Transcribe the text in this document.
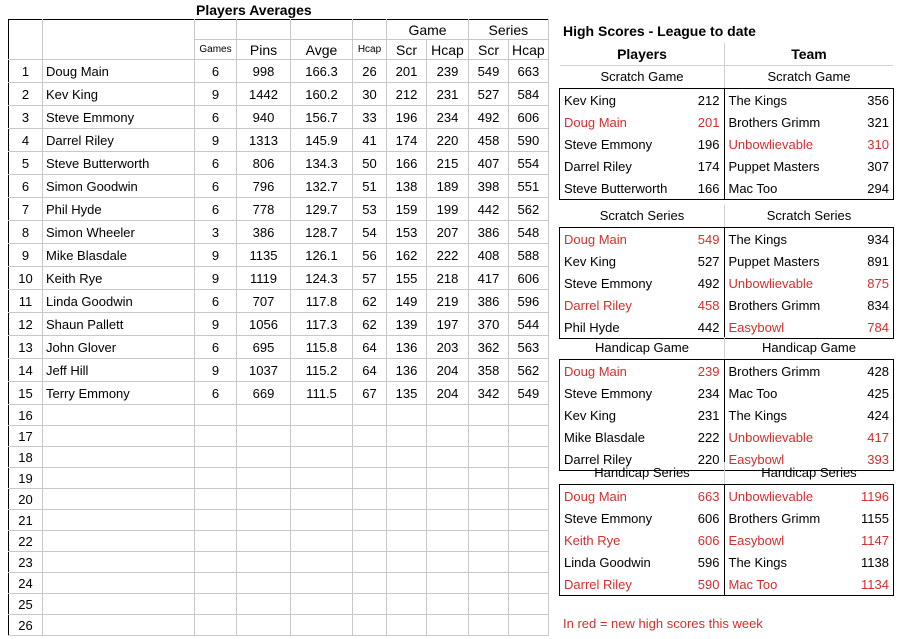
Players Averages
						Game		Series	
		Games	Pins	Avge	Hcap	Scr	Hcap	Scr	Hcap
1	Doug Main	6	998	166.3	26	201	239	549	663
2	Kev King	9	1442	160.2	30	212	231	527	584
3	Steve Emmony	6	940	156.7	33	196	234	492	606
4	Darrel Riley	9	1313	145.9	41	174	220	458	590
5	Steve Butterworth	6	806	134.3	50	166	215	407	554
6	Simon Goodwin	6	796	132.7	51	138	189	398	551
7	Phil Hyde	6	778	129.7	53	159	199	442	562
8	Simon Wheeler	3	386	128.7	54	153	207	386	548
9	Mike Blasdale	9	1135	126.1	56	162	222	408	588
10	Keith Rye	9	1119	124.3	57	155	218	417	606
11	Linda Goodwin	6	707	117.8	62	149	219	386	596
12	Shaun Pallett	9	1056	117.3	62	139	197	370	544
13	John Glover	6	695	115.8	64	136	203	362	563
14	Jeff Hill	9	1037	115.2	64	136	204	358	562
15	Terry Emmony	6	669	111.5	67	135	204	342	549
16									
17									
18									
19									
20									
21									
22									
23									
24									
25									
26									
High Scores - League to date
Players	Team
Scratch Game	Scratch Game
Kev King	212	The Kings	356
Doug Main	201	Brothers Grimm	321
Steve Emmony	196	Unbowlievable	310
Darrel Riley	174	Puppet Masters	307
Steve Butterworth	166	Mac Too	294
Scratch Series	Scratch Series
Doug Main	549	The Kings	934
Kev King	527	Puppet Masters	891
Steve Emmony	492	Unbowlievable	875
Darrel Riley	458	Brothers Grimm	834
Phil Hyde	442	Easybowl	784
Handicap Game	Handicap Game
Doug Main	239	Brothers Grimm	428
Steve Emmony	234	Mac Too	425
Kev King	231	The Kings	424
Mike Blasdale	222	Unbowlievable	417
Darrel Riley	220	Easybowl	393
Handicap Series	Handicap Series
Doug Main	663	Unbowlievable	1196
Steve Emmony	606	Brothers Grimm	1155
Keith Rye	606	Easybowl	1147
Linda Goodwin	596	The Kings	1138
Darrel Riley	590	Mac Too	1134
In red = new high scores this week
